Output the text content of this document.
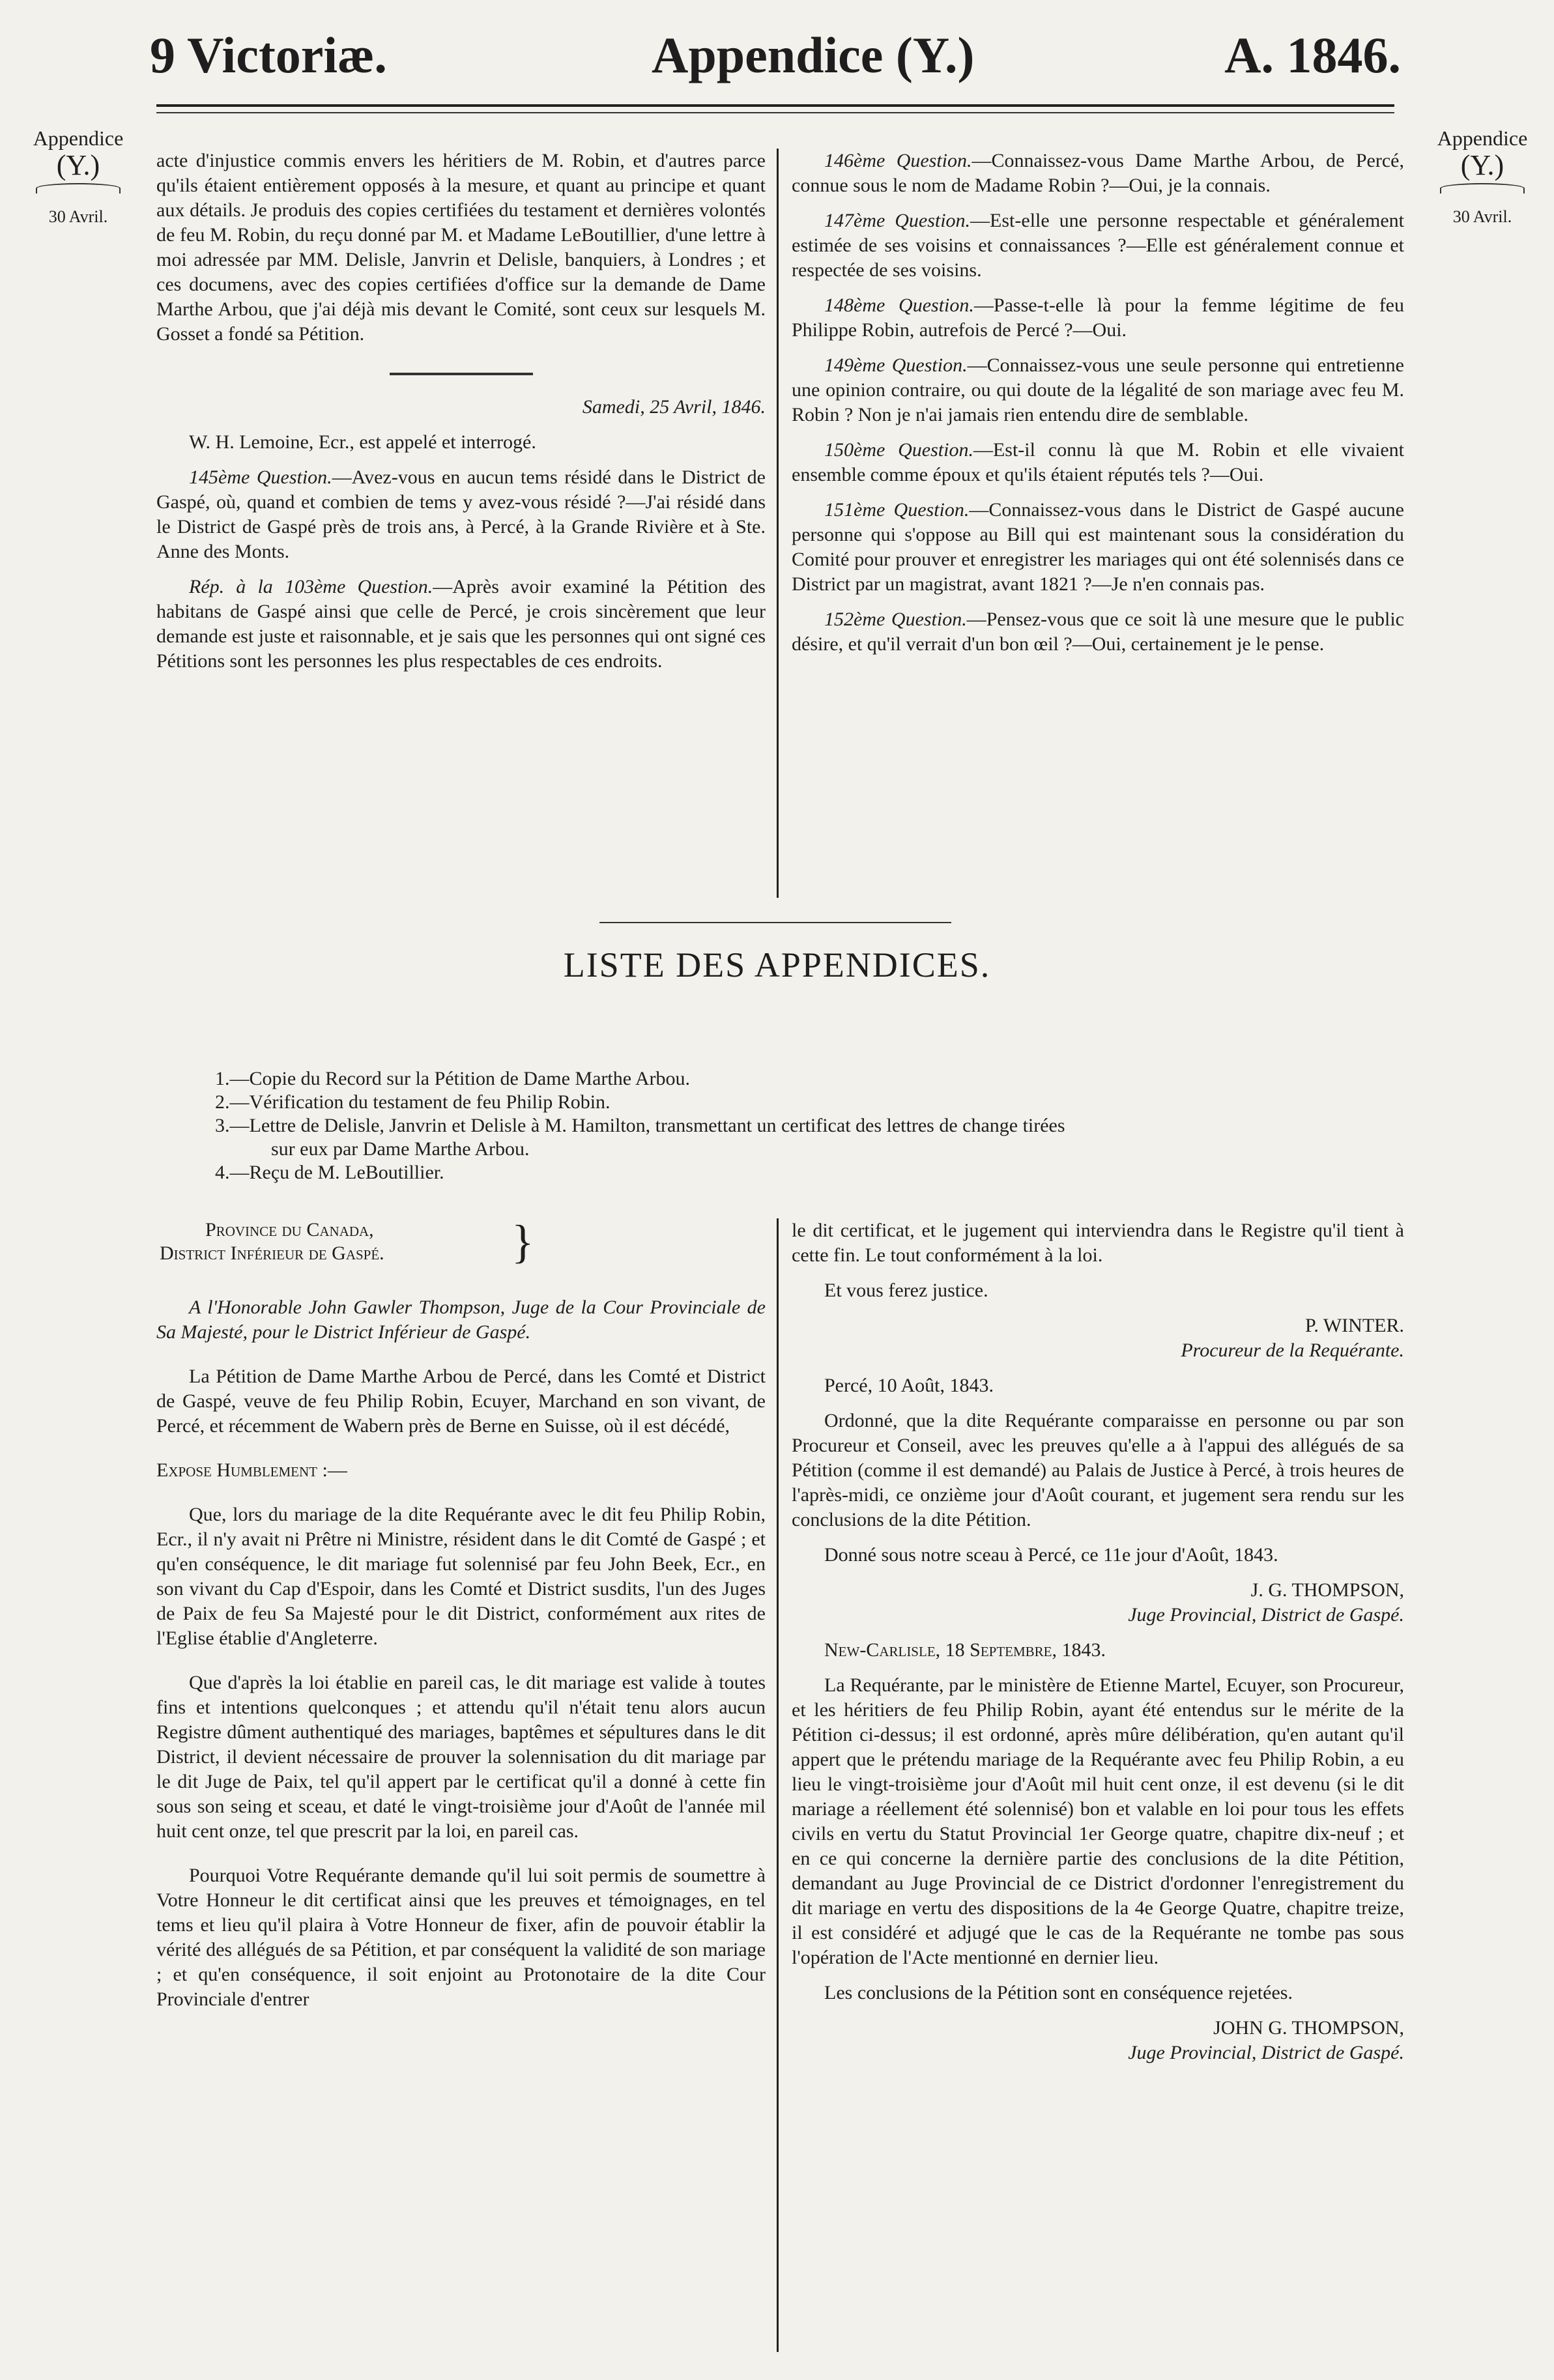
9 Victoriæ.	Appendice (Y.)	A. 1846.
Appendice
(Y.)
30 Avril.
Appendice
(Y.)
30 Avril.

acte d'injustice commis envers les héritiers de M. Robin, et d'autres parce qu'ils étaient entièrement opposés à la mesure, et quant au principe et quant aux détails. Je produis des copies certifiées du testament et dernières volontés de feu M. Robin, du reçu donné par M. et Madame LeBoutillier, d'une lettre à moi adressée par MM. Delisle, Janvrin et Delisle, banquiers, à Londres ; et ces documens, avec des copies certifiées d'office sur la demande de Dame Marthe Arbou, que j'ai déjà mis devant le Comité, sont ceux sur lesquels M. Gosset a fondé sa Pétition.

Samedi, 25 Avril, 1846.

W. H. Lemoine, Ecr., est appelé et interrogé.

145ème Question.—Avez-vous en aucun tems résidé dans le District de Gaspé, où, quand et combien de tems y avez-vous résidé ?—J'ai résidé dans le District de Gaspé près de trois ans, à Percé, à la Grande Rivière et à Ste. Anne des Monts.

Rép. à la 103ème Question.—Après avoir examiné la Pétition des habitans de Gaspé ainsi que celle de Percé, je crois sincèrement que leur demande est juste et raisonnable, et je sais que les personnes qui ont signé ces Pétitions sont les personnes les plus respectables de ces endroits.

146ème Question.—Connaissez-vous Dame Marthe Arbou, de Percé, connue sous le nom de Madame Robin ?—Oui, je la connais.

147ème Question.—Est-elle une personne respectable et généralement estimée de ses voisins et connaissances ?—Elle est généralement connue et respectée de ses voisins.

148ème Question.—Passe-t-elle là pour la femme légitime de feu Philippe Robin, autrefois de Percé ?—Oui.

149ème Question.—Connaissez-vous une seule personne qui entretienne une opinion contraire, ou qui doute de la légalité de son mariage avec feu M. Robin ? Non je n'ai jamais rien entendu dire de semblable.

150ème Question.—Est-il connu là que M. Robin et elle vivaient ensemble comme époux et qu'ils étaient réputés tels ?—Oui.

151ème Question.—Connaissez-vous dans le District de Gaspé aucune personne qui s'oppose au Bill qui est maintenant sous la considération du Comité pour prouver et enregistrer les mariages qui ont été solennisés dans ce District par un magistrat, avant 1821 ?—Je n'en connais pas.

152ème Question.—Pensez-vous que ce soit là une mesure que le public désire, et qu'il verrait d'un bon œil ?—Oui, certainement je le pense.

LISTE DES APPENDICES.
1.—Copie du Record sur la Pétition de Dame Marthe Arbou.
2.—Vérification du testament de feu Philip Robin.
3.—Lettre de Delisle, Janvrin et Delisle à M. Hamilton, transmettant un certificat des lettres de change tirées
sur eux par Dame Marthe Arbou.
4.—Reçu de M. LeBoutillier.
Province du Canada,
District Inférieur de Gaspé.	}

A l'Honorable John Gawler Thompson, Juge de la Cour Provinciale de Sa Majesté, pour le District Inférieur de Gaspé.

La Pétition de Dame Marthe Arbou de Percé, dans les Comté et District de Gaspé, veuve de feu Philip Robin, Ecuyer, Marchand en son vivant, de Percé, et récemment de Wabern près de Berne en Suisse, où il est décédé,

Expose Humblement :—

Que, lors du mariage de la dite Requérante avec le dit feu Philip Robin, Ecr., il n'y avait ni Prêtre ni Ministre, résident dans le dit Comté de Gaspé ; et qu'en conséquence, le dit mariage fut solennisé par feu John Beek, Ecr., en son vivant du Cap d'Espoir, dans les Comté et District susdits, l'un des Juges de Paix de feu Sa Majesté pour le dit District, conformément aux rites de l'Eglise établie d'Angleterre.

Que d'après la loi établie en pareil cas, le dit mariage est valide à toutes fins et intentions quelconques ; et attendu qu'il n'était tenu alors aucun Registre dûment authentiqué des mariages, baptêmes et sépultures dans le dit District, il devient nécessaire de prouver la solennisation du dit mariage par le dit Juge de Paix, tel qu'il appert par le certificat qu'il a donné à cette fin sous son seing et sceau, et daté le vingt-troisième jour d'Août de l'année mil huit cent onze, tel que prescrit par la loi, en pareil cas.

Pourquoi Votre Requérante demande qu'il lui soit permis de soumettre à Votre Honneur le dit certificat ainsi que les preuves et témoignages, en tel tems et lieu qu'il plaira à Votre Honneur de fixer, afin de pouvoir établir la vérité des allégués de sa Pétition, et par conséquent la validité de son mariage ; et qu'en conséquence, il soit enjoint au Protonotaire de la dite Cour Provinciale d'entrer

le dit certificat, et le jugement qui interviendra dans le Registre qu'il tient à cette fin. Le tout conformément à la loi.

Et vous ferez justice.

P. WINTER.

Procureur de la Requérante.

Percé, 10 Août, 1843.

Ordonné, que la dite Requérante comparaisse en personne ou par son Procureur et Conseil, avec les preuves qu'elle a à l'appui des allégués de sa Pétition (comme il est demandé) au Palais de Justice à Percé, à trois heures de l'après-midi, ce onzième jour d'Août courant, et jugement sera rendu sur les conclusions de la dite Pétition.

Donné sous notre sceau à Percé, ce 11e jour d'Août, 1843.

J. G. THOMPSON,

Juge Provincial, District de Gaspé.

New-Carlisle, 18 Septembre, 1843.

La Requérante, par le ministère de Etienne Martel, Ecuyer, son Procureur, et les héritiers de feu Philip Robin, ayant été entendus sur le mérite de la Pétition ci-dessus; il est ordonné, après mûre délibération, qu'en autant qu'il appert que le prétendu mariage de la Requérante avec feu Philip Robin, a eu lieu le vingt-troisième jour d'Août mil huit cent onze, il est devenu (si le dit mariage a réellement été solennisé) bon et valable en loi pour tous les effets civils en vertu du Statut Provincial 1er George quatre, chapitre dix-neuf ; et en ce qui concerne la dernière partie des conclusions de la dite Pétition, demandant au Juge Provincial de ce District d'ordonner l'enregistrement du dit mariage en vertu des dispositions de la 4e George Quatre, chapitre treize, il est considéré et adjugé que le cas de la Requérante ne tombe pas sous l'opération de l'Acte mentionné en dernier lieu.

Les conclusions de la Pétition sont en conséquence rejetées.

JOHN G. THOMPSON,

Juge Provincial, District de Gaspé.
